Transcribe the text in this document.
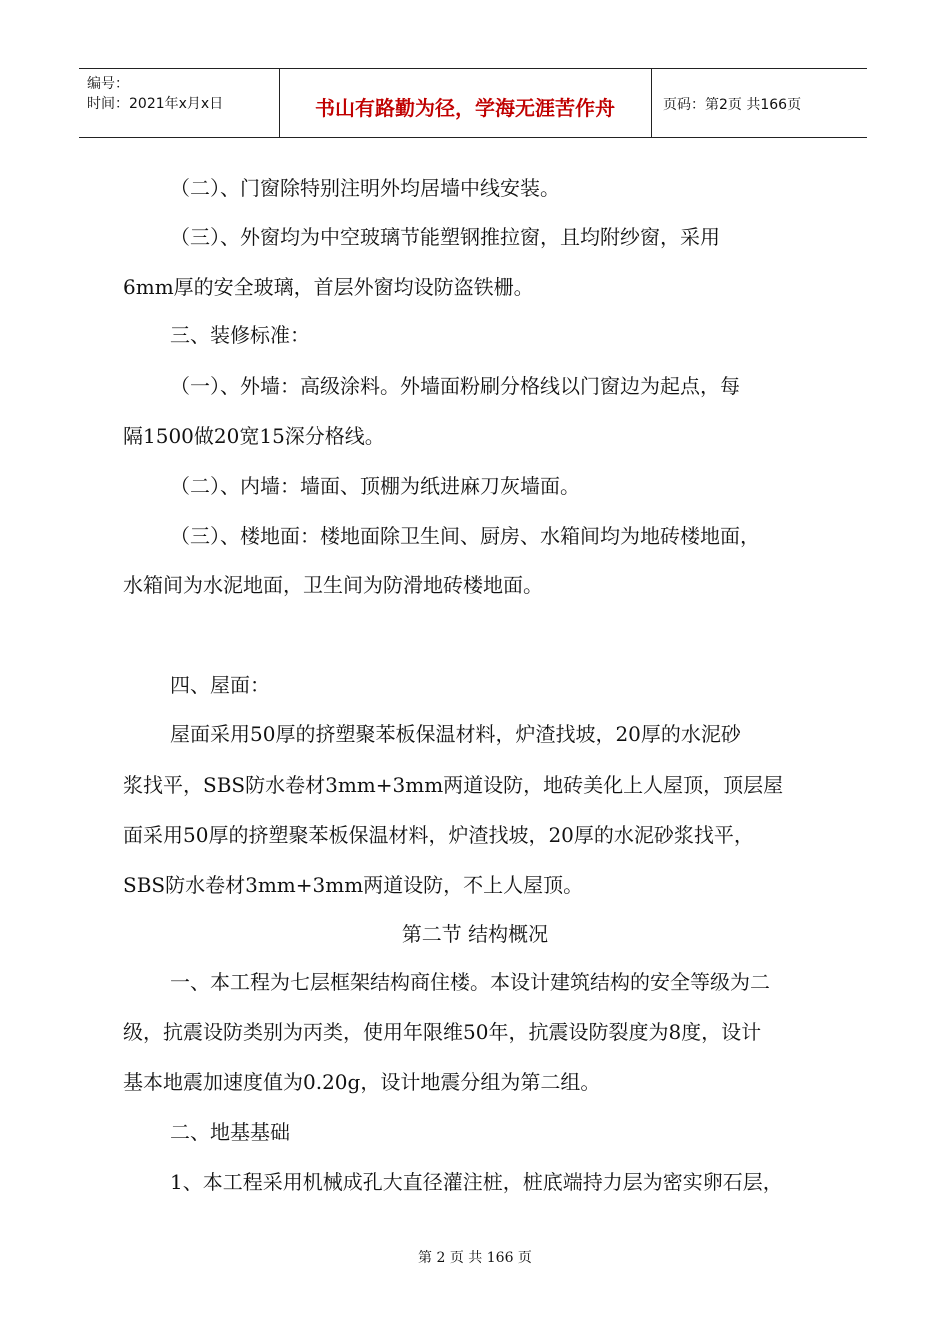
编号：
时间：2021年x月x日	书山有路勤为径，学海无涯苦作舟	页码：第2页 共166页
（二）、门窗除特别注明外均居墙中线安装。
（三）、外窗均为中空玻璃节能塑钢推拉窗，且均附纱窗，采用
6mm厚的安全玻璃，首层外窗均设防盗铁栅。
三、装修标准：
（一）、外墙：高级涂料。外墙面粉刷分格线以门窗边为起点，每
隔1500做20宽15深分格线。
（二）、内墙：墙面、顶棚为纸进麻刀灰墙面。
（三）、楼地面：楼地面除卫生间、厨房、水箱间均为地砖楼地面，
水箱间为水泥地面，卫生间为防滑地砖楼地面。
四、屋面：
屋面采用50厚的挤塑聚苯板保温材料，炉渣找坡，20厚的水泥砂
浆找平，SBS防水卷材3mm+3mm两道设防，地砖美化上人屋顶，顶层屋
面采用50厚的挤塑聚苯板保温材料，炉渣找坡，20厚的水泥砂浆找平，
SBS防水卷材3mm+3mm两道设防，不上人屋顶。
第二节 结构概况
一、本工程为七层框架结构商住楼。本设计建筑结构的安全等级为二
级，抗震设防类别为丙类，使用年限维50年，抗震设防裂度为8度，设计
基本地震加速度值为0.20g，设计地震分组为第二组。
二、地基基础
1、本工程采用机械成孔大直径灌注桩，桩底端持力层为密实卵石层，
第 2 页 共 166 页
